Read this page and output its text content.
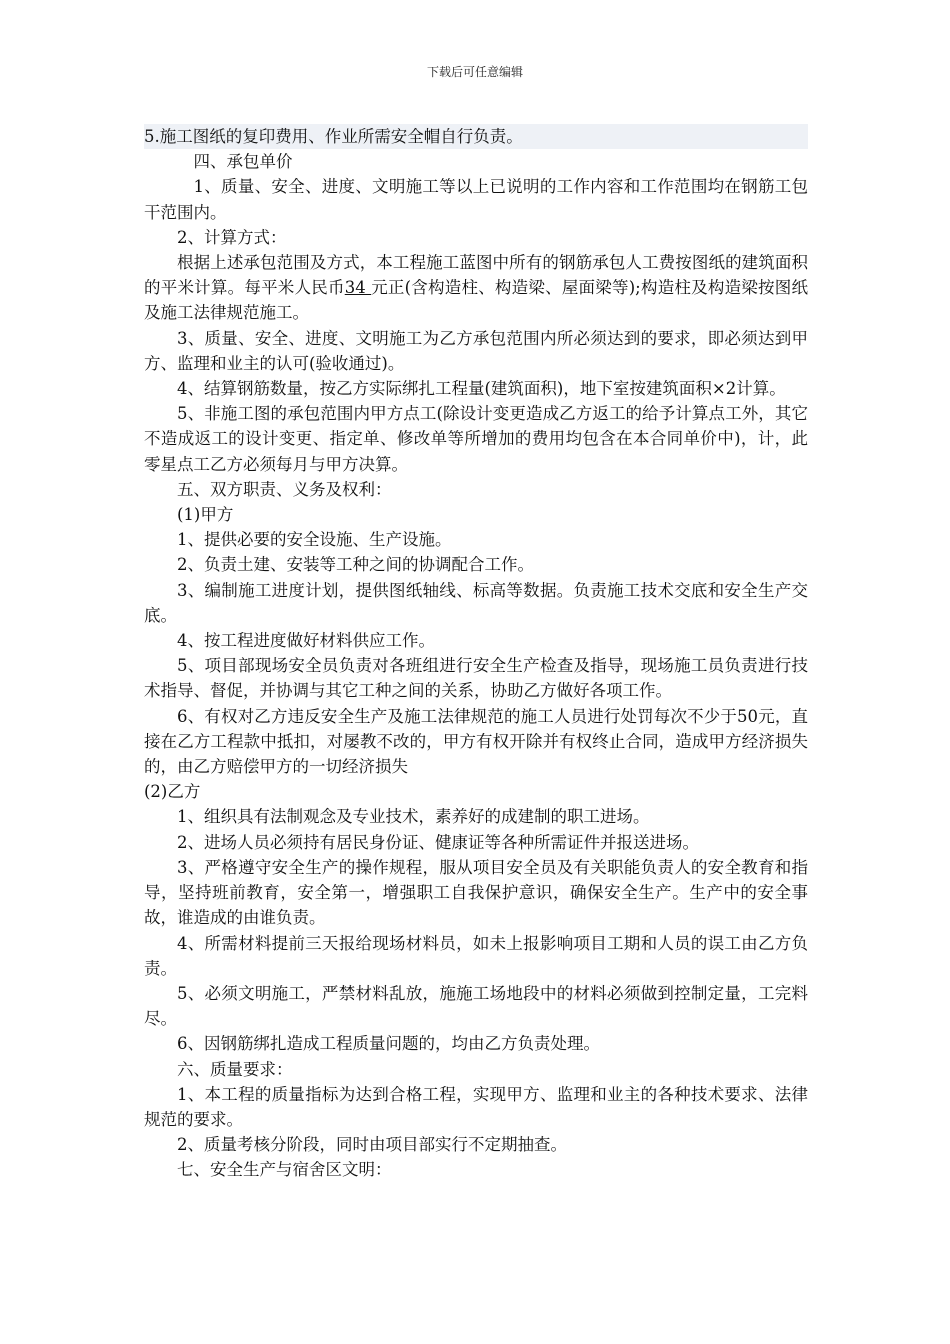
下载后可任意编辑

5.施工图纸的复印费用、作业所需安全帽自行负责。

四、承包单价

1、质量、安全、进度、文明施工等以上已说明的工作内容和工作范围均在钢筋工包干范围内。

2、计算方式：

根据上述承包范围及方式，本工程施工蓝图中所有的钢筋承包人工费按图纸的建筑面积的平米计算。每平米人民币34 元正(含构造柱、构造梁、屋面梁等);构造柱及构造梁按图纸及施工法律规范施工。

3、质量、安全、进度、文明施工为乙方承包范围内所必须达到的要求，即必须达到甲方、监理和业主的认可(验收通过)。

4、结算钢筋数量，按乙方实际绑扎工程量(建筑面积)，地下室按建筑面积×2计算。

5、非施工图的承包范围内甲方点工(除设计变更造成乙方返工的给予计算点工外，其它不造成返工的设计变更、指定单、修改单等所增加的费用均包含在本合同单价中)，计，此零星点工乙方必须每月与甲方决算。

五、双方职责、义务及权利：

(1)甲方

1、提供必要的安全设施、生产设施。

2、负责土建、安装等工种之间的协调配合工作。

3、编制施工进度计划，提供图纸轴线、标高等数据。负责施工技术交底和安全生产交底。

4、按工程进度做好材料供应工作。

5、项目部现场安全员负责对各班组进行安全生产检查及指导，现场施工员负责进行技术指导、督促，并协调与其它工种之间的关系，协助乙方做好各项工作。

6、有权对乙方违反安全生产及施工法律规范的施工人员进行处罚每次不少于50元，直接在乙方工程款中抵扣，对屡教不改的，甲方有权开除并有权终止合同，造成甲方经济损失的，由乙方赔偿甲方的一切经济损失

(2)乙方

1、组织具有法制观念及专业技术，素养好的成建制的职工进场。

2、进场人员必须持有居民身份证、健康证等各种所需证件并报送进场。

3、严格遵守安全生产的操作规程，服从项目安全员及有关职能负责人的安全教育和指导，坚持班前教育，安全第一，增强职工自我保护意识，确保安全生产。生产中的安全事故，谁造成的由谁负责。

4、所需材料提前三天报给现场材料员，如未上报影响项目工期和人员的误工由乙方负责。

5、必须文明施工，严禁材料乱放，施施工场地段中的材料必须做到控制定量，工完料尽。

6、因钢筋绑扎造成工程质量问题的，均由乙方负责处理。

六、质量要求：

1、本工程的质量指标为达到合格工程，实现甲方、监理和业主的各种技术要求、法律规范的要求。

2、质量考核分阶段，同时由项目部实行不定期抽查。

七、安全生产与宿舍区文明：
